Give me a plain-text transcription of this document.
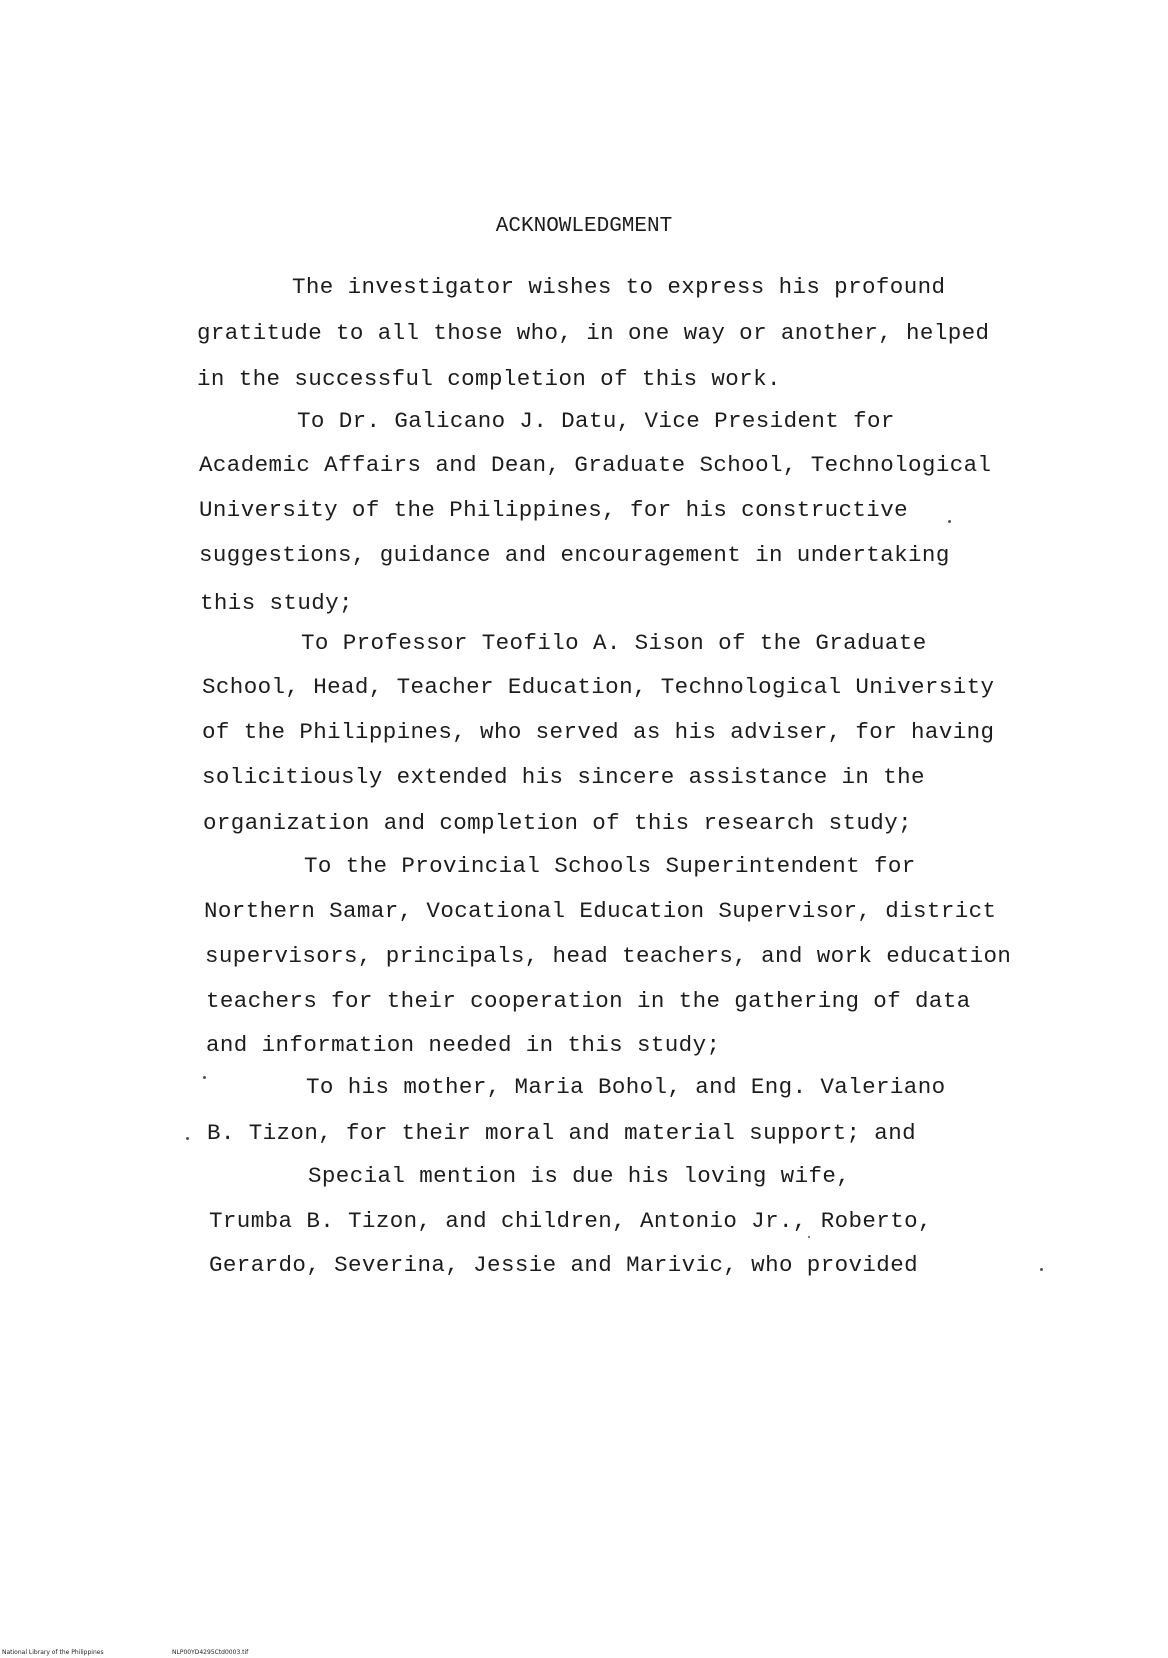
ACKNOWLEDGMENT
The investigator wishes to express his profound
gratitude to all those who, in one way or another, helped
in the successful completion of this work.
To Dr. Galicano J. Datu, Vice President for
Academic Affairs and Dean, Graduate School, Technological
University of the Philippines, for his constructive
suggestions, guidance and encouragement in undertaking
this study;
To Professor Teofilo A. Sison of the Graduate
School, Head, Teacher Education, Technological University
of the Philippines, who served as his adviser, for having
solicitiously extended his sincere assistance in the
organization and completion of this research study;
To the Provincial Schools Superintendent for
Northern Samar, Vocational Education Supervisor, district
supervisors, principals, head teachers, and work education
teachers for their cooperation in the gathering of data
and information needed in this study;
To his mother, Maria Bohol, and Eng. Valeriano
B. Tizon, for their moral and material support; and
Special mention is due his loving wife,
Trumba B. Tizon, and children, Antonio Jr., Roberto,
Gerardo, Severina, Jessie and Marivic, who provided
National Library of the Philippines	NLP00YD4295Ctd0003.tif
